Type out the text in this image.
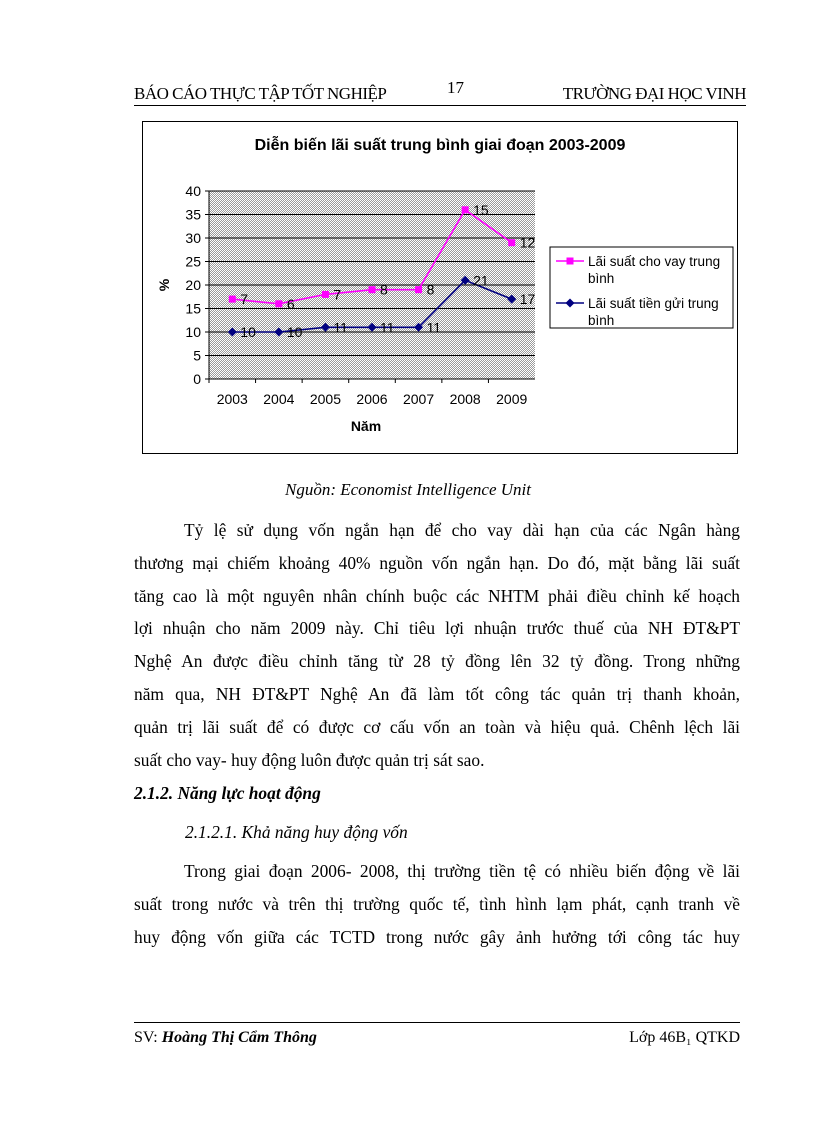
BÁO CÁO THỰC TẬP TỐT NGHIỆP	17	TRƯỜNG ĐẠI HỌC VINH
Diễn biến lãi suất trung bình giai đoạn 2003-2009
0
5
10
15
20
25
30
35
40
2003 2004 2005 2006 2007 2008 2009
Năm
%
7	6
7	8	8
15
12
10 10 11 11 11
21
17
Lãi suất cho vay trung
bình
Lãi suất tiền gửi trung
bình
Nguồn: Economist Intelligence Unit
Tỷ lệ sử dụng vốn ngắn hạn để cho vay dài hạn của các Ngân hàng
thương mại chiếm khoảng 40% nguồn vốn ngắn hạn. Do đó, mặt bằng lãi suất
tăng cao là một nguyên nhân chính buộc các NHTM phải điều chỉnh kế hoạch
lợi nhuận cho năm 2009 này. Chỉ tiêu lợi nhuận trước thuế của NH ĐT&PT
Nghệ An được điều chỉnh tăng từ 28 tỷ đồng lên 32 tỷ đồng. Trong những
năm qua, NH ĐT&PT Nghệ An đã làm tốt công tác quản trị thanh khoản,
quản trị lãi suất để có được cơ cấu vốn an toàn và hiệu quả. Chênh lệch lãi
suất cho vay- huy động luôn được quản trị sát sao.
2.1.2. Năng lực hoạt động
2.1.2.1. Khả năng huy động vốn
Trong giai đoạn 2006- 2008, thị trường tiền tệ có nhiều biến động về lãi
suất trong nước và trên thị trường quốc tế, tình hình lạm phát, cạnh tranh về
huy động vốn giữa các TCTD trong nước gây ảnh hưởng tới công tác huy
SV: Hoàng Thị Cẩm Thông	Lớp 46B₁ QTKD
